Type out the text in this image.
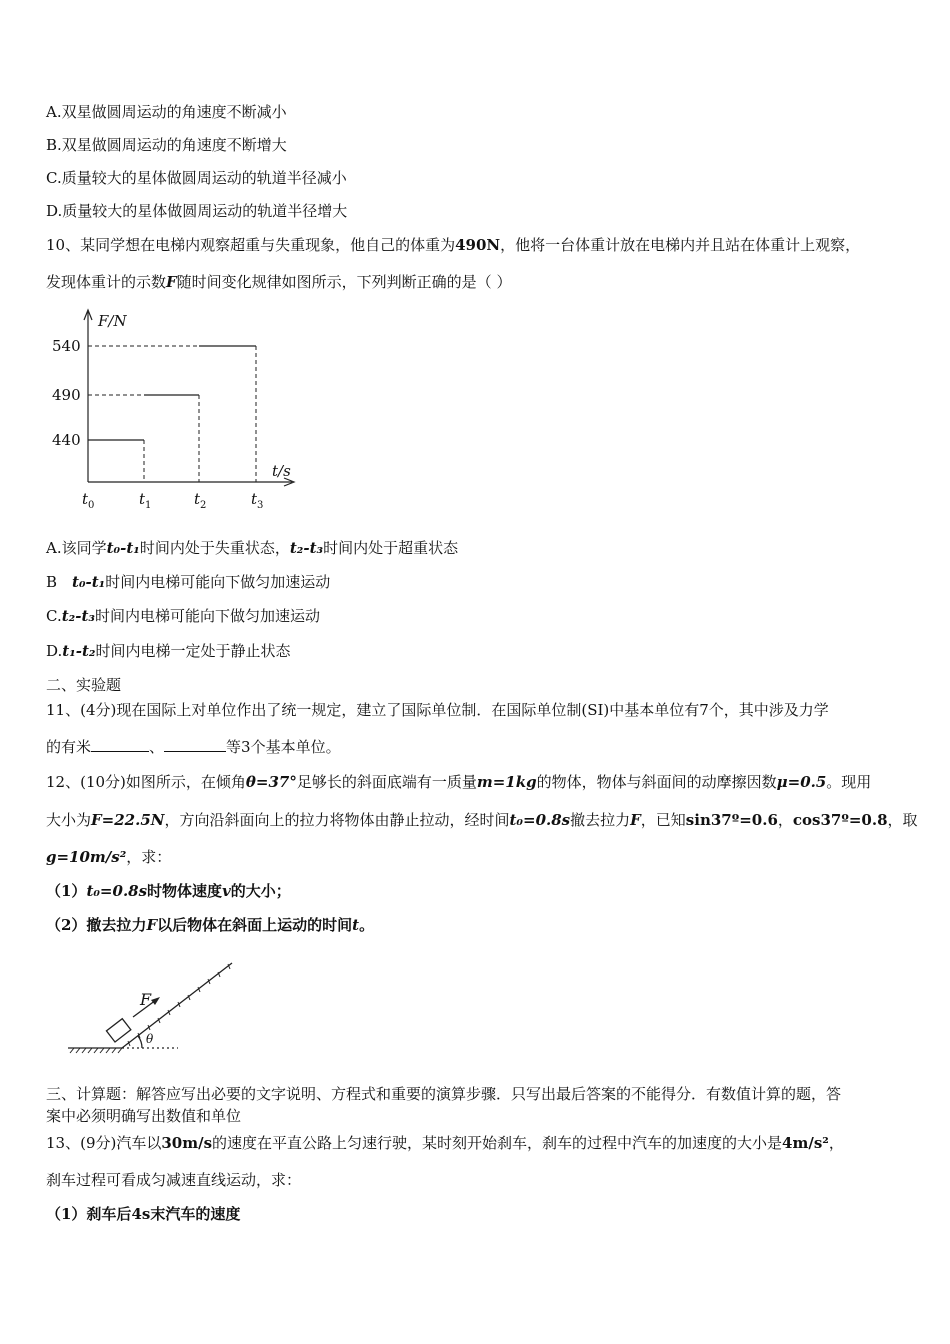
A.双星做圆周运动的角速度不断减小
B.双星做圆周运动的角速度不断增大
C.质量较大的星体做圆周运动的轨道半径减小
D.质量较大的星体做圆周运动的轨道半径增大
10、某同学想在电梯内观察超重与失重现象，他自己的体重为490N，他将一台体重计放在电梯内并且站在体重计上观察，
发现体重计的示数F随时间变化规律如图所示，下列判断正确的是（ ）
F/N
t/s
540
490
440
$t_0$	$t_1$	$t_2$	$t_3$
A.该同学t₀-t₁时间内处于失重状态，t₂-t₃时间内处于超重状态
B　t₀-t₁时间内电梯可能向下做匀加速运动
C.t₂-t₃时间内电梯可能向下做匀加速运动
D.t₁-t₂时间内电梯一定处于静止状态
二、实验题
11、(4分)现在国际上对单位作出了统一规定，建立了国际单位制．在国际单位制(SI)中基本单位有7个，其中涉及力学
的有米	、	等3个基本单位。
12、(10分)如图所示，在倾角θ=37°足够长的斜面底端有一质量m=1kg的物体，物体与斜面间的动摩擦因数μ=0.5。现用
大小为F=22.5N，方向沿斜面向上的拉力将物体由静止拉动，经时间t₀=0.8s撤去拉力F，已知sin37º=0.6，cos37º=0.8，取
g=10m/s²，求：
（1）t₀=0.8s时物体速度v的大小；
（2）撤去拉力F以后物体在斜面上运动的时间t。
F
θ
三、计算题：解答应写出必要的文字说明、方程式和重要的演算步骤．只写出最后答案的不能得分．有数值计算的题，答
案中必须明确写出数值和单位
13、(9分)汽车以30m/s的速度在平直公路上匀速行驶，某时刻开始刹车，刹车的过程中汽车的加速度的大小是4m/s²，
刹车过程可看成匀减速直线运动，求：
（1）刹车后4s末汽车的速度
